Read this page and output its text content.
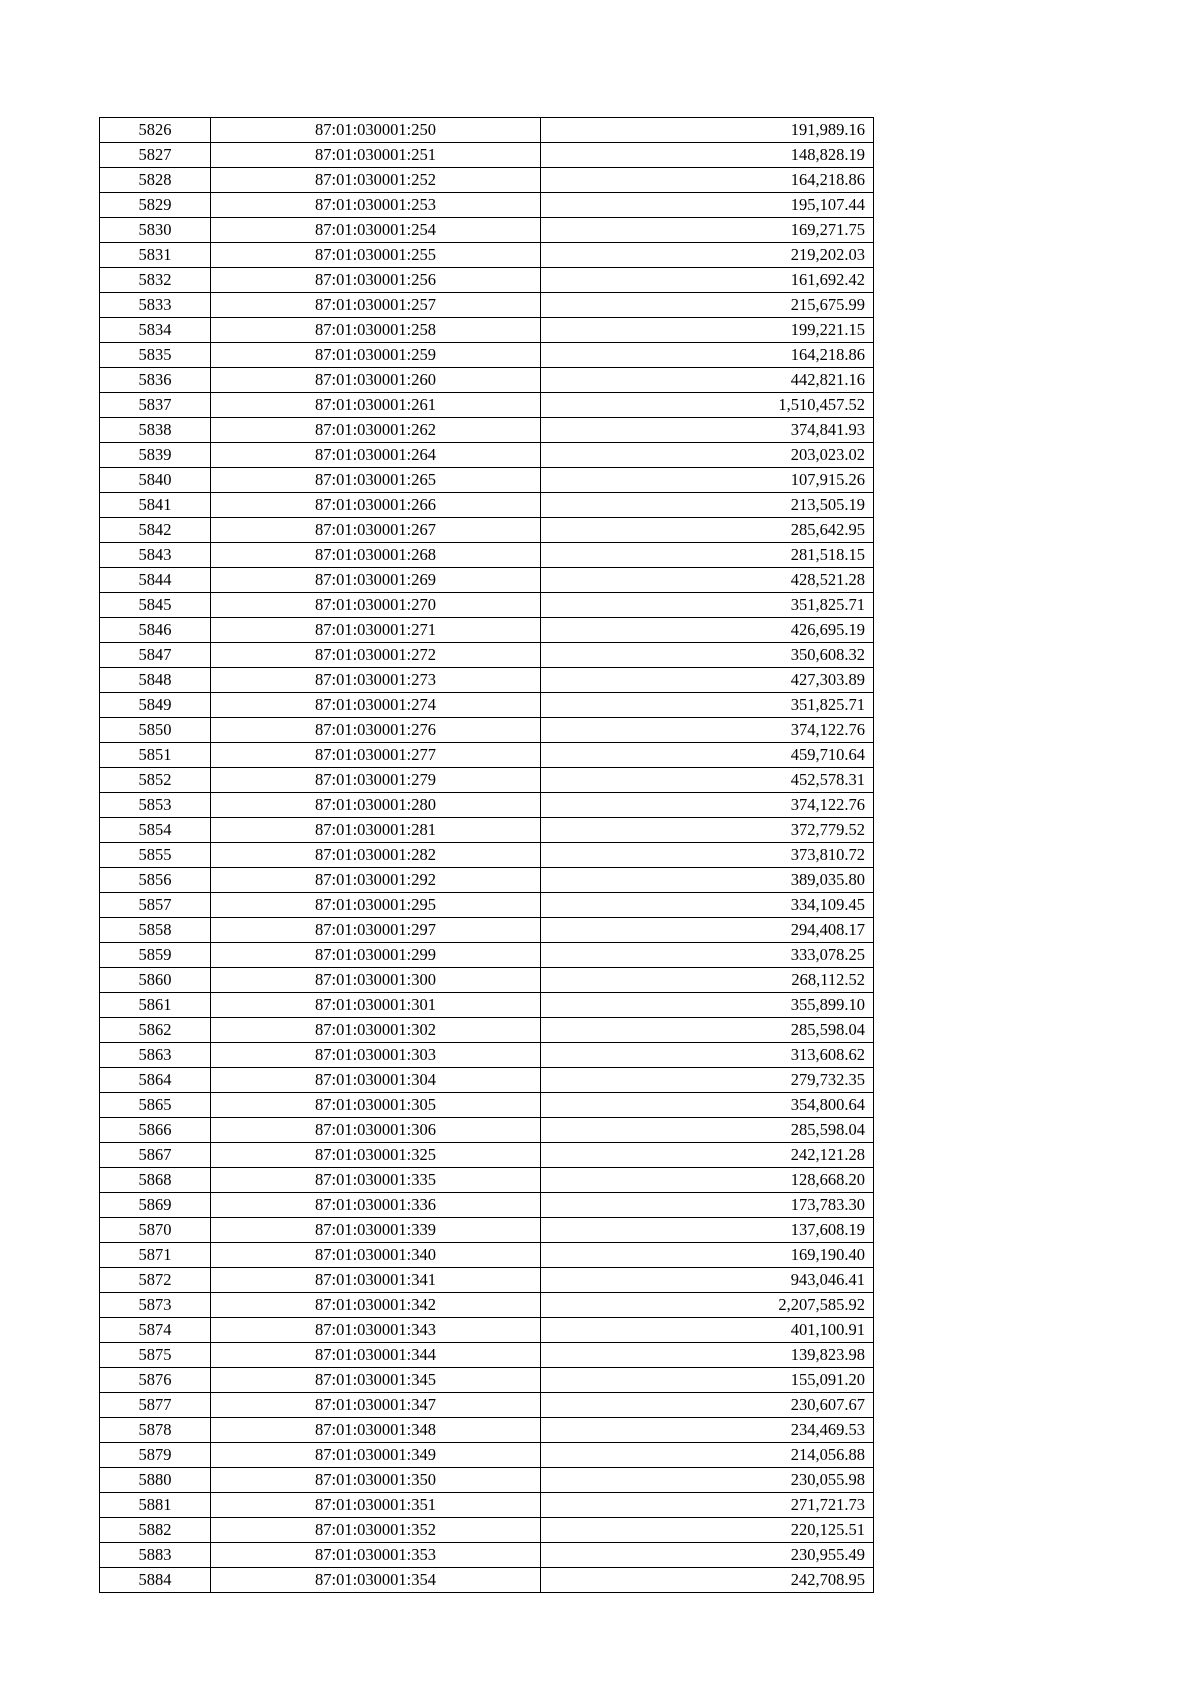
5826	87:01:030001:250	191,989.16
5827	87:01:030001:251	148,828.19
5828	87:01:030001:252	164,218.86
5829	87:01:030001:253	195,107.44
5830	87:01:030001:254	169,271.75
5831	87:01:030001:255	219,202.03
5832	87:01:030001:256	161,692.42
5833	87:01:030001:257	215,675.99
5834	87:01:030001:258	199,221.15
5835	87:01:030001:259	164,218.86
5836	87:01:030001:260	442,821.16
5837	87:01:030001:261	1,510,457.52
5838	87:01:030001:262	374,841.93
5839	87:01:030001:264	203,023.02
5840	87:01:030001:265	107,915.26
5841	87:01:030001:266	213,505.19
5842	87:01:030001:267	285,642.95
5843	87:01:030001:268	281,518.15
5844	87:01:030001:269	428,521.28
5845	87:01:030001:270	351,825.71
5846	87:01:030001:271	426,695.19
5847	87:01:030001:272	350,608.32
5848	87:01:030001:273	427,303.89
5849	87:01:030001:274	351,825.71
5850	87:01:030001:276	374,122.76
5851	87:01:030001:277	459,710.64
5852	87:01:030001:279	452,578.31
5853	87:01:030001:280	374,122.76
5854	87:01:030001:281	372,779.52
5855	87:01:030001:282	373,810.72
5856	87:01:030001:292	389,035.80
5857	87:01:030001:295	334,109.45
5858	87:01:030001:297	294,408.17
5859	87:01:030001:299	333,078.25
5860	87:01:030001:300	268,112.52
5861	87:01:030001:301	355,899.10
5862	87:01:030001:302	285,598.04
5863	87:01:030001:303	313,608.62
5864	87:01:030001:304	279,732.35
5865	87:01:030001:305	354,800.64
5866	87:01:030001:306	285,598.04
5867	87:01:030001:325	242,121.28
5868	87:01:030001:335	128,668.20
5869	87:01:030001:336	173,783.30
5870	87:01:030001:339	137,608.19
5871	87:01:030001:340	169,190.40
5872	87:01:030001:341	943,046.41
5873	87:01:030001:342	2,207,585.92
5874	87:01:030001:343	401,100.91
5875	87:01:030001:344	139,823.98
5876	87:01:030001:345	155,091.20
5877	87:01:030001:347	230,607.67
5878	87:01:030001:348	234,469.53
5879	87:01:030001:349	214,056.88
5880	87:01:030001:350	230,055.98
5881	87:01:030001:351	271,721.73
5882	87:01:030001:352	220,125.51
5883	87:01:030001:353	230,955.49
5884	87:01:030001:354	242,708.95
